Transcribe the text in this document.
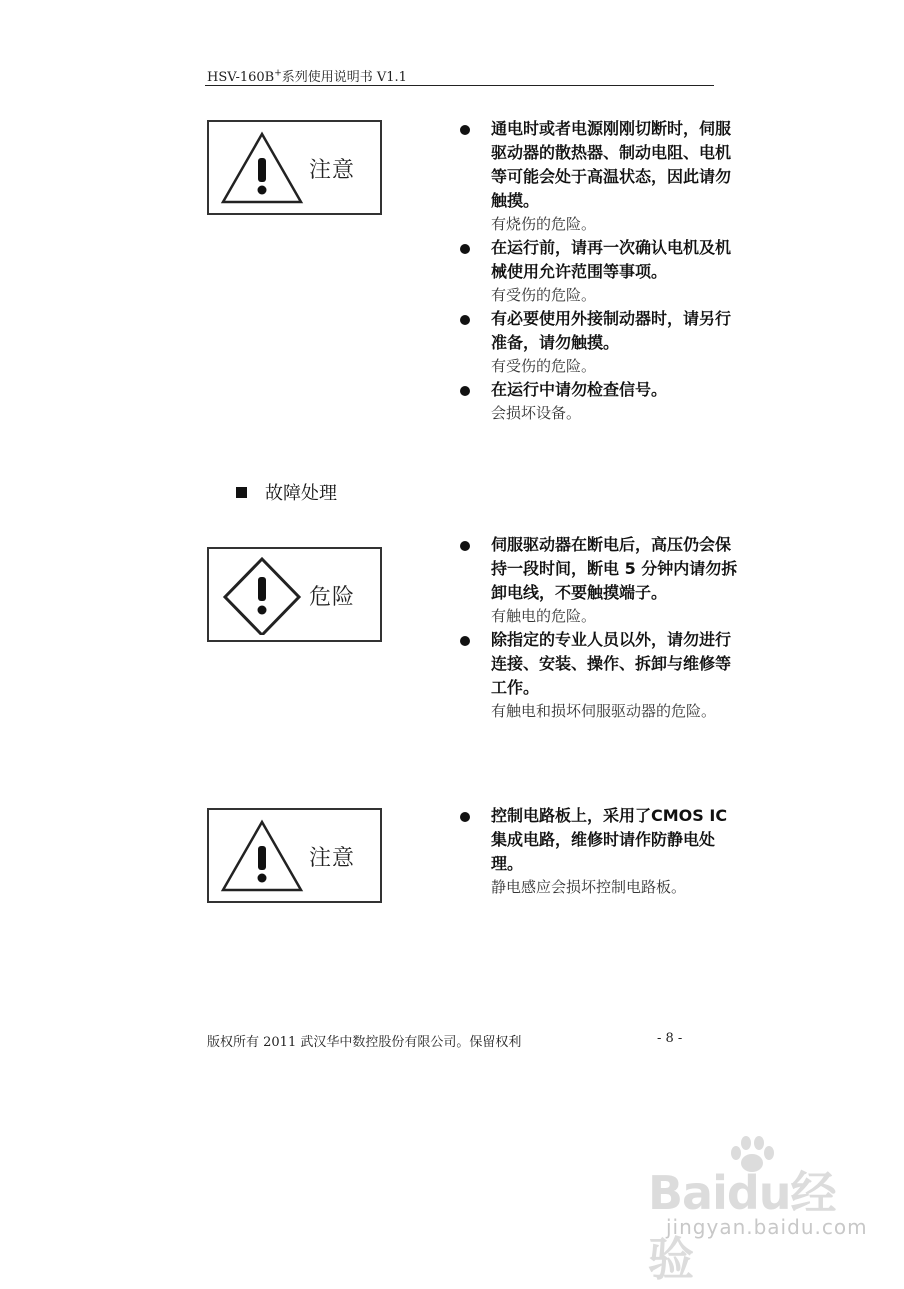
HSV-160B+系列使用说明书 V1.1
注意
通电时或者电源刚刚切断时，伺服驱动器的散热器、制动电阻、电机等可能会处于高温状态，因此请勿触摸。
有烧伤的危险。
在运行前，请再一次确认电机及机械使用允许范围等事项。
有受伤的危险。
有必要使用外接制动器时，请另行准备，请勿触摸。
有受伤的危险。
在运行中请勿检查信号。
会损坏设备。
故障处理
危险
伺服驱动器在断电后，高压仍会保持一段时间，断电 5 分钟内请勿拆卸电线，不要触摸端子。
有触电的危险。
除指定的专业人员以外，请勿进行连接、安装、操作、拆卸与维修等工作。
有触电和损坏伺服驱动器的危险。
注意
控制电路板上，采用了CMOS IC 集成电路，维修时请作防静电处理。
静电感应会损坏控制电路板。
版权所有 2011 武汉华中数控股份有限公司。保留权利	- 8 -
Baidu经验
jingyan.baidu.com
